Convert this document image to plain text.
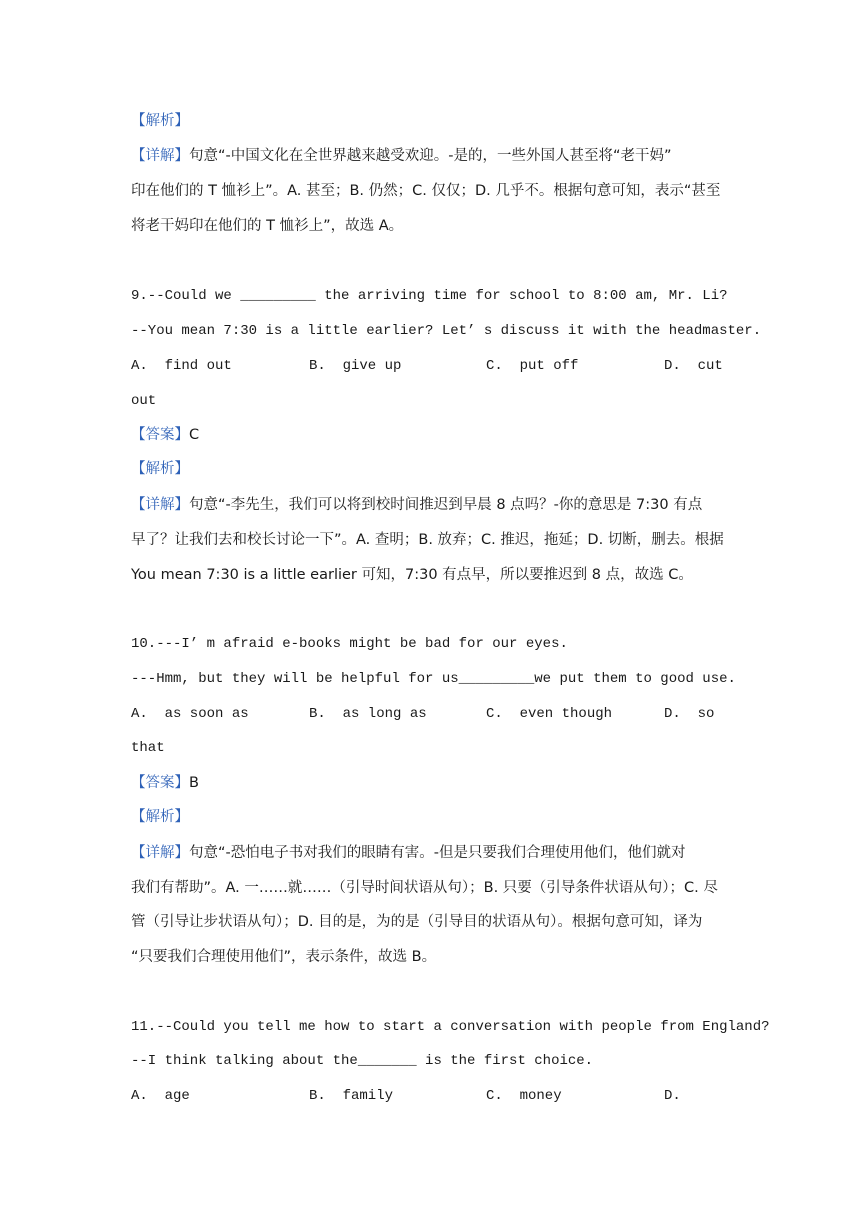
【解析】
【详解】句意“-中国文化在全世界越来越受欢迎。-是的，一些外国人甚至将“老干妈”
印在他们的 T 恤衫上”。A. 甚至；B. 仍然；C. 仅仅；D. 几乎不。根据句意可知，表示“甚至
将老干妈印在他们的 T 恤衫上”，故选 A。
9.--Could we _________ the arriving time for school to 8:00 am, Mr. Li?
--You mean 7:30 is a little earlier? Let’ s discuss it with the headmaster.
A.  find out	B.  give up	C.  put off	D.  cut
out
【答案】C
【解析】
【详解】句意“-李先生，我们可以将到校时间推迟到早晨 8 点吗？-你的意思是 7:30 有点
早了？让我们去和校长讨论一下”。A. 查明；B. 放弃；C. 推迟，拖延；D. 切断，删去。根据
You mean 7:30 is a little earlier 可知，7:30 有点早，所以要推迟到 8 点，故选 C。
10.---I’ m afraid e-books might be bad for our eyes.
---Hmm, but they will be helpful for us_________we put them to good use.
A.  as soon as	B.  as long as	C.  even though	D.  so
that
【答案】B
【解析】
【详解】句意“-恐怕电子书对我们的眼睛有害。-但是只要我们合理使用他们，他们就对
我们有帮助”。A. 一……就……（引导时间状语从句）；B. 只要（引导条件状语从句）；C. 尽
管（引导让步状语从句）；D. 目的是，为的是（引导目的状语从句）。根据句意可知，译为
“只要我们合理使用他们”，表示条件，故选 B。
11.--Could you tell me how to start a conversation with people from England?
--I think talking about the_______ is the first choice.
A.  age	B.  family	C.  money	D.
